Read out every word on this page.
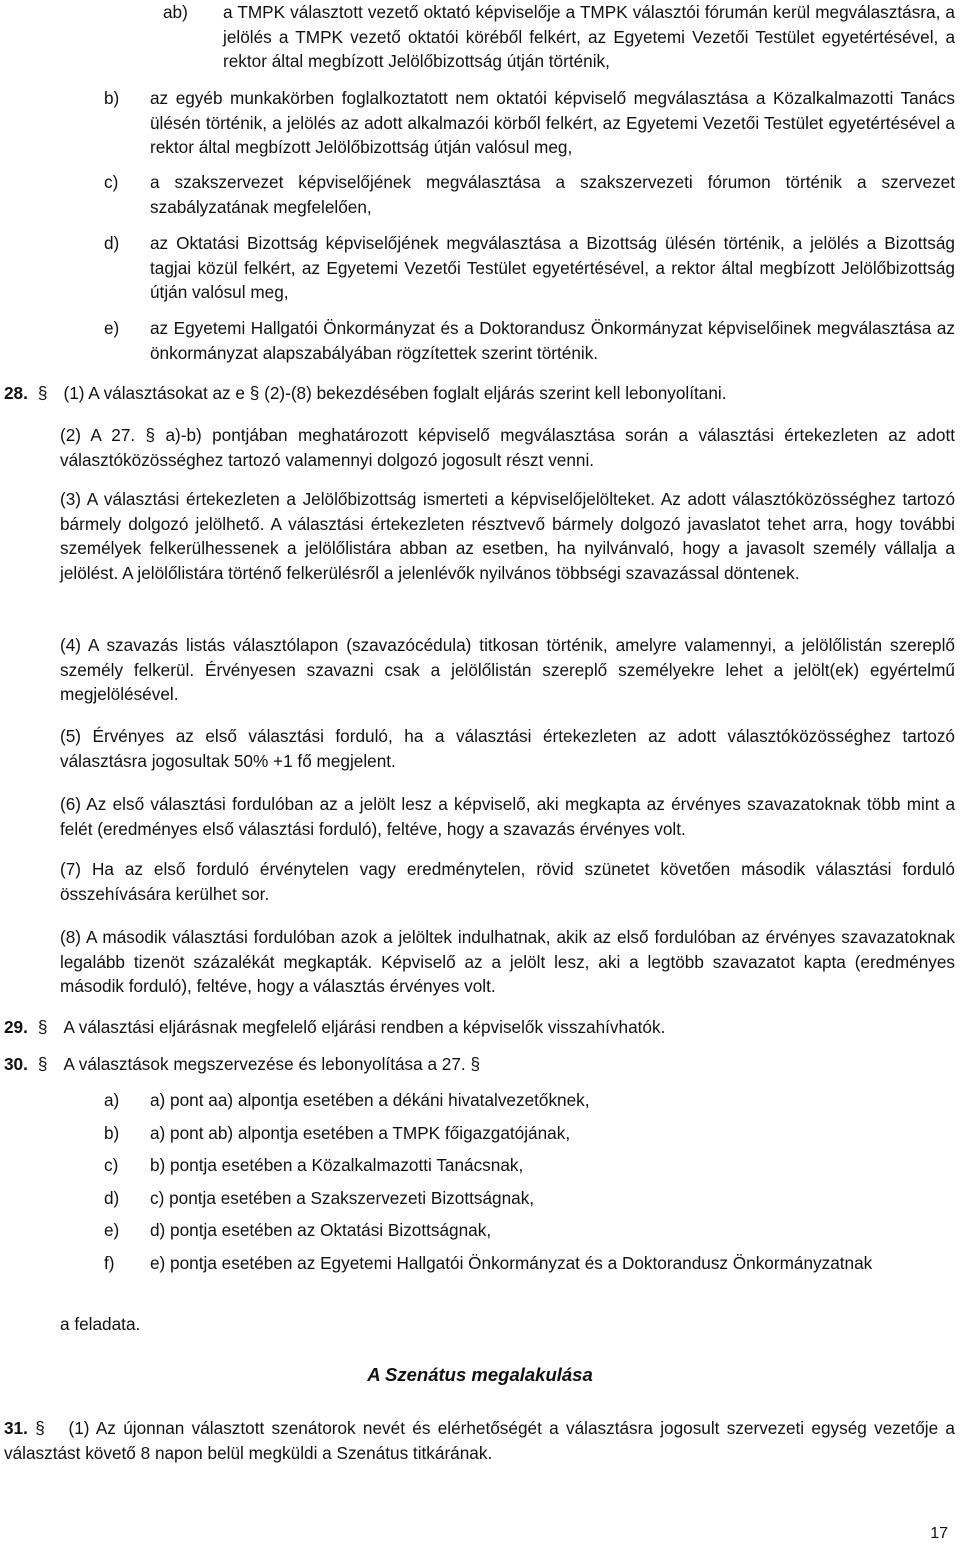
ab)	a TMPK választott vezető oktató képviselője a TMPK választói fórumán kerül megválasztásra, a jelölés a TMPK vezető oktatói köréből felkért, az Egyetemi Vezetői Testület egyetértésével, a rektor által megbízott Jelölőbizottság útján történik,
b)	az egyéb munkakörben foglalkoztatott nem oktatói képviselő megválasztása a Közalkalmazotti Tanács ülésén történik, a jelölés az adott alkalmazói körből felkért, az Egyetemi Vezetői Testület egyetértésével a rektor által megbízott Jelölőbizottság útján valósul meg,
c)	a szakszervezet képviselőjének megválasztása a szakszervezeti fórumon történik a szervezet szabályzatának megfelelően,
d)	az Oktatási Bizottság képviselőjének megválasztása a Bizottság ülésén történik, a jelölés a Bizottság tagjai közül felkért, az Egyetemi Vezetői Testület egyetértésével, a rektor által megbízott Jelölőbizottság útján valósul meg,
e)	az Egyetemi Hallgatói Önkormányzat és a Doktorandusz Önkormányzat képviselőinek megválasztása az önkormányzat alapszabályában rögzítettek szerint történik.
28. § (1) A választásokat az e § (2)-(8) bekezdésében foglalt eljárás szerint kell lebonyolítani.
(2) A 27. § a)-b) pontjában meghatározott képviselő megválasztása során a választási értekezleten az adott választóközösséghez tartozó valamennyi dolgozó jogosult részt venni.
(3) A választási értekezleten a Jelölőbizottság ismerteti a képviselőjelölteket. Az adott választóközösséghez tartozó bármely dolgozó jelölhető. A választási értekezleten résztvevő bármely dolgozó javaslatot tehet arra, hogy további személyek felkerülhessenek a jelölőlistára abban az esetben, ha nyilvánvaló, hogy a javasolt személy vállalja a jelölést. A jelölőlistára történő felkerülésről a jelenlévők nyilvános többségi szavazással döntenek.
(4) A szavazás listás választólapon (szavazócédula) titkosan történik, amelyre valamennyi, a jelölőlistán szereplő személy felkerül. Érvényesen szavazni csak a jelölőlistán szereplő személyekre lehet a jelölt(ek) egyértelmű megjelölésével.
(5) Érvényes az első választási forduló, ha a választási értekezleten az adott választóközösséghez tartozó választásra jogosultak 50% +1 fő megjelent.
(6) Az első választási fordulóban az a jelölt lesz a képviselő, aki megkapta az érvényes szavazatoknak több mint a felét (eredményes első választási forduló), feltéve, hogy a szavazás érvényes volt.
(7) Ha az első forduló érvénytelen vagy eredménytelen, rövid szünetet követően második választási forduló összehívására kerülhet sor.
(8) A második választási fordulóban azok a jelöltek indulhatnak, akik az első fordulóban az érvényes szavazatoknak legalább tizenöt százalékát megkapták. Képviselő az a jelölt lesz, aki a legtöbb szavazatot kapta (eredményes második forduló), feltéve, hogy a választás érvényes volt.
29. § A választási eljárásnak megfelelő eljárási rendben a képviselők visszahívhatók.
30. § A választások megszervezése és lebonyolítása a 27. §
a)	a) pont aa) alpontja esetében a dékáni hivatalvezetőknek,
b)	a) pont ab) alpontja esetében a TMPK főigazgatójának,
c)	b) pontja esetében a Közalkalmazotti Tanácsnak,
d)	c) pontja esetében a Szakszervezeti Bizottságnak,
e)	d) pontja esetében az Oktatási Bizottságnak,
f)	e) pontja esetében az Egyetemi Hallgatói Önkormányzat és a Doktorandusz Önkormányzatnak
a feladata.
A Szenátus megalakulása
31. § (1) Az újonnan választott szenátorok nevét és elérhetőségét a választásra jogosult szervezeti egység vezetője a választást követő 8 napon belül megküldi a Szenátus titkárának.
17
